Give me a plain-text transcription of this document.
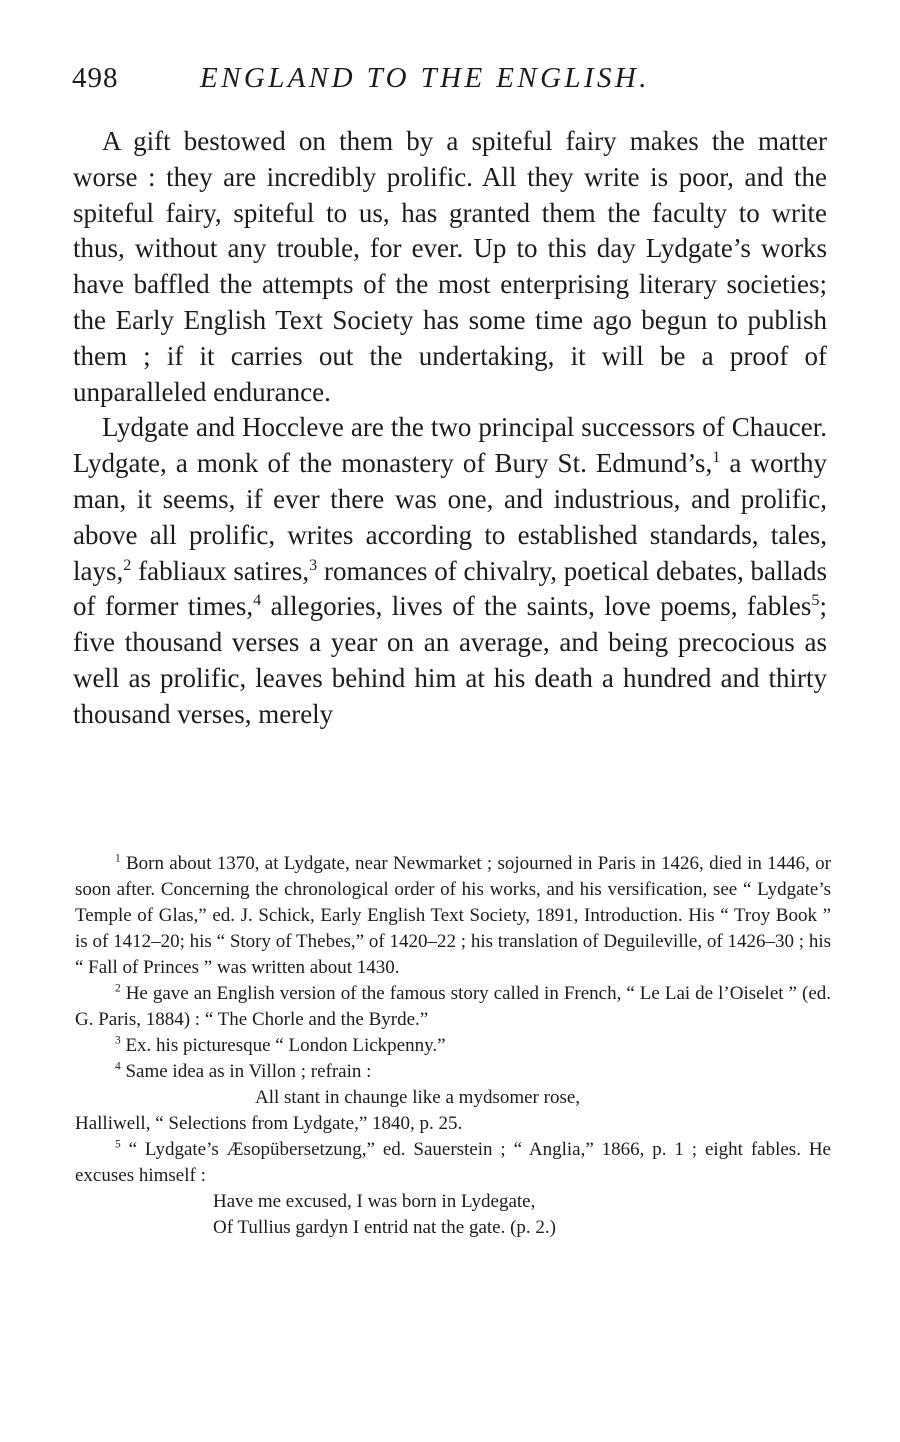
498	ENGLAND TO THE ENGLISH.

A gift bestowed on them by a spiteful fairy makes the matter worse : they are incredibly prolific. All they write is poor, and the spiteful fairy, spiteful to us, has granted them the faculty to write thus, without any trouble, for ever. Up to this day Lydgate’s works have baffled the attempts of the most enterprising literary societies; the Early English Text Society has some time ago begun to publish them ; if it carries out the undertaking, it will be a proof of unparalleled endurance.

Lydgate and Hoccleve are the two principal successors of Chaucer. Lydgate, a monk of the monastery of Bury St. Edmund’s,$^1$ a worthy man, it seems, if ever there was one, and industrious, and prolific, above all prolific, writes according to established standards, tales, lays,$^2$ fabliaux satires,$^3$ romances of chivalry, poetical debates, ballads of former times,$^4$ allegories, lives of the saints, love poems, fables$^5$; five thousand verses a year on an average, and being precocious as well as prolific, leaves behind him at his death a hundred and thirty thousand verses, merely

$^1$ Born about 1370, at Lydgate, near Newmarket ; sojourned in Paris in 1426, died in 1446, or soon after. Concerning the chronological order of his works, and his versification, see “ Lydgate’s Temple of Glas,” ed. J. Schick, Early English Text Society, 1891, Introduction. His “ Troy Book ” is of 1412–20; his “ Story of Thebes,” of 1420–22 ; his translation of Deguileville, of 1426–30 ; his “ Fall of Princes ” was written about 1430.

$^2$ He gave an English version of the famous story called in French, “ Le Lai de l’Oiselet ” (ed. G. Paris, 1884) : “ The Chorle and the Byrde.”

$^3$ Ex. his picturesque “ London Lickpenny.”

$^4$ Same idea as in Villon ; refrain :

All stant in chaunge like a mydsomer rose,

Halliwell, “ Selections from Lydgate,” 1840, p. 25.

$^5$ “ Lydgate’s Æsopübersetzung,” ed. Sauerstein ; “ Anglia,” 1866, p. 1 ; eight fables. He excuses himself :

Have me excused, I was born in Lydegate,
Of Tullius gardyn I entrid nat the gate. (p. 2.)
